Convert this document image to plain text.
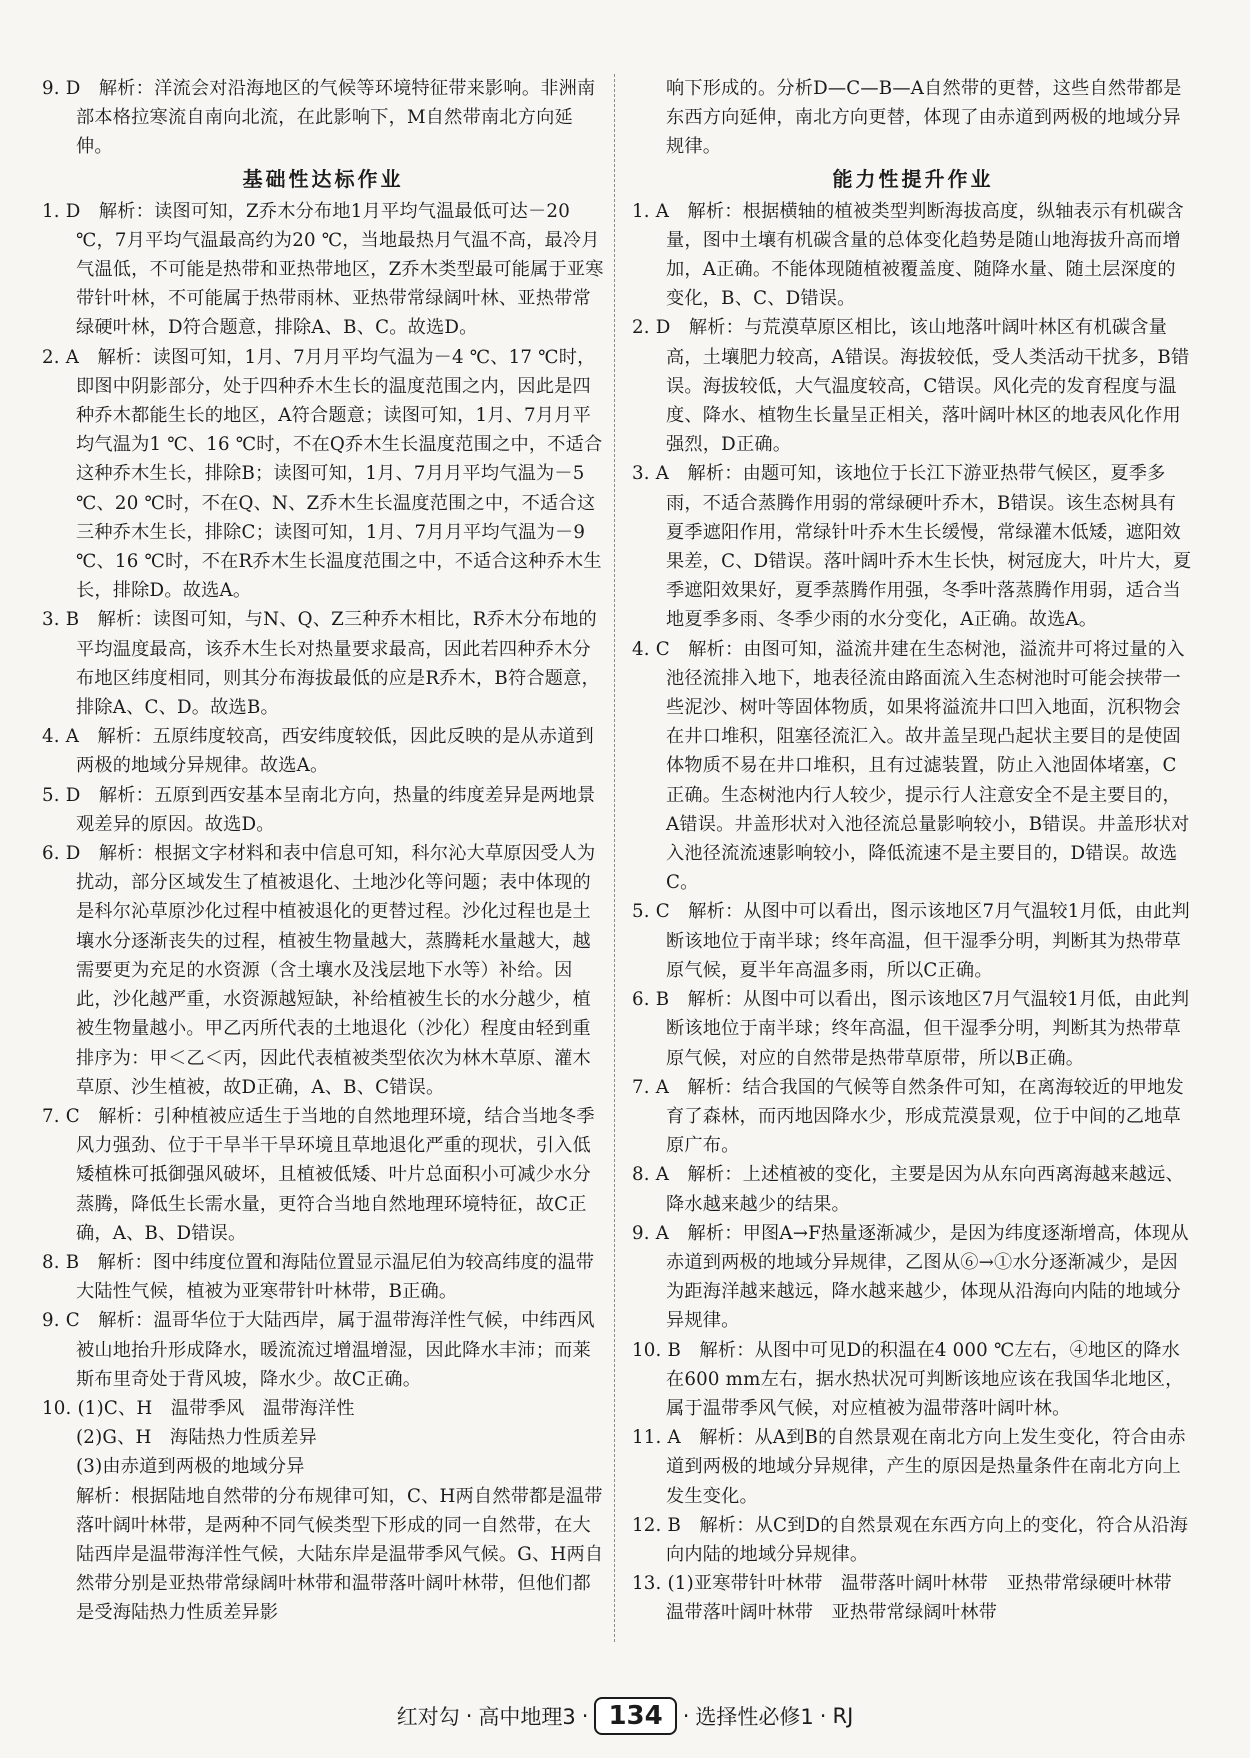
9. D　解析：洋流会对沿海地区的气候等环境特征带来影响。非洲南部本格拉寒流自南向北流，在此影响下，M自然带南北方向延伸。

基础性达标作业

1. D　解析：读图可知，Z乔木分布地1月平均气温最低可达－20 ℃，7月平均气温最高约为20 ℃，当地最热月气温不高，最冷月气温低，不可能是热带和亚热带地区，Z乔木类型最可能属于亚寒带针叶林，不可能属于热带雨林、亚热带常绿阔叶林、亚热带常绿硬叶林，D符合题意，排除A、B、C。故选D。

2. A　解析：读图可知，1月、7月月平均气温为－4 ℃、17 ℃时，即图中阴影部分，处于四种乔木生长的温度范围之内，因此是四种乔木都能生长的地区，A符合题意；读图可知，1月、7月月平均气温为1 ℃、16 ℃时，不在Q乔木生长温度范围之中，不适合这种乔木生长，排除B；读图可知，1月、7月月平均气温为－5 ℃、20 ℃时，不在Q、N、Z乔木生长温度范围之中，不适合这三种乔木生长，排除C；读图可知，1月、7月月平均气温为－9 ℃、16 ℃时，不在R乔木生长温度范围之中，不适合这种乔木生长，排除D。故选A。

3. B　解析：读图可知，与N、Q、Z三种乔木相比，R乔木分布地的平均温度最高，该乔木生长对热量要求最高，因此若四种乔木分布地区纬度相同，则其分布海拔最低的应是R乔木，B符合题意，排除A、C、D。故选B。

4. A　解析：五原纬度较高，西安纬度较低，因此反映的是从赤道到两极的地域分异规律。故选A。

5. D　解析：五原到西安基本呈南北方向，热量的纬度差异是两地景观差异的原因。故选D。

6. D　解析：根据文字材料和表中信息可知，科尔沁大草原因受人为扰动，部分区域发生了植被退化、土地沙化等问题；表中体现的是科尔沁草原沙化过程中植被退化的更替过程。沙化过程也是土壤水分逐渐丧失的过程，植被生物量越大，蒸腾耗水量越大，越需要更为充足的水资源（含土壤水及浅层地下水等）补给。因此，沙化越严重，水资源越短缺，补给植被生长的水分越少，植被生物量越小。甲乙丙所代表的土地退化（沙化）程度由轻到重排序为：甲＜乙＜丙，因此代表植被类型依次为林木草原、灌木草原、沙生植被，故D正确，A、B、C错误。

7. C　解析：引种植被应适生于当地的自然地理环境，结合当地冬季风力强劲、位于干旱半干旱环境且草地退化严重的现状，引入低矮植株可抵御强风破坏，且植被低矮、叶片总面积小可减少水分蒸腾，降低生长需水量，更符合当地自然地理环境特征，故C正确，A、B、D错误。

8. B　解析：图中纬度位置和海陆位置显示温尼伯为较高纬度的温带大陆性气候，植被为亚寒带针叶林带，B正确。

9. C　解析：温哥华位于大陆西岸，属于温带海洋性气候，中纬西风被山地抬升形成降水，暖流流过增温增湿，因此降水丰沛；而莱斯布里奇处于背风坡，降水少。故C正确。

10. (1)C、H　温带季风　温带海洋性

(2)G、H　海陆热力性质差异

(3)由赤道到两极的地域分异

解析：根据陆地自然带的分布规律可知，C、H两自然带都是温带落叶阔叶林带，是两种不同气候类型下形成的同一自然带，在大陆西岸是温带海洋性气候，大陆东岸是温带季风气候。G、H两自然带分别是亚热带常绿阔叶林带和温带落叶阔叶林带，但他们都是受海陆热力性质差异影

响下形成的。分析D—C—B—A自然带的更替，这些自然带都是东西方向延伸，南北方向更替，体现了由赤道到两极的地域分异规律。

能力性提升作业

1. A　解析：根据横轴的植被类型判断海拔高度，纵轴表示有机碳含量，图中土壤有机碳含量的总体变化趋势是随山地海拔升高而增加，A正确。不能体现随植被覆盖度、随降水量、随土层深度的变化，B、C、D错误。

2. D　解析：与荒漠草原区相比，该山地落叶阔叶林区有机碳含量高，土壤肥力较高，A错误。海拔较低，受人类活动干扰多，B错误。海拔较低，大气温度较高，C错误。风化壳的发育程度与温度、降水、植物生长量呈正相关，落叶阔叶林区的地表风化作用强烈，D正确。

3. A　解析：由题可知，该地位于长江下游亚热带气候区，夏季多雨，不适合蒸腾作用弱的常绿硬叶乔木，B错误。该生态树具有夏季遮阳作用，常绿针叶乔木生长缓慢，常绿灌木低矮，遮阳效果差，C、D错误。落叶阔叶乔木生长快，树冠庞大，叶片大，夏季遮阳效果好，夏季蒸腾作用强，冬季叶落蒸腾作用弱，适合当地夏季多雨、冬季少雨的水分变化，A正确。故选A。

4. C　解析：由图可知，溢流井建在生态树池，溢流井可将过量的入池径流排入地下，地表径流由路面流入生态树池时可能会挟带一些泥沙、树叶等固体物质，如果将溢流井口凹入地面，沉积物会在井口堆积，阻塞径流汇入。故井盖呈现凸起状主要目的是使固体物质不易在井口堆积，且有过滤装置，防止入池固体堵塞，C正确。生态树池内行人较少，提示行人注意安全不是主要目的，A错误。井盖形状对入池径流总量影响较小，B错误。井盖形状对入池径流流速影响较小，降低流速不是主要目的，D错误。故选C。

5. C　解析：从图中可以看出，图示该地区7月气温较1月低，由此判断该地位于南半球；终年高温，但干湿季分明，判断其为热带草原气候，夏半年高温多雨，所以C正确。

6. B　解析：从图中可以看出，图示该地区7月气温较1月低，由此判断该地位于南半球；终年高温，但干湿季分明，判断其为热带草原气候，对应的自然带是热带草原带，所以B正确。

7. A　解析：结合我国的气候等自然条件可知，在离海较近的甲地发育了森林，而丙地因降水少，形成荒漠景观，位于中间的乙地草原广布。

8. A　解析：上述植被的变化，主要是因为从东向西离海越来越远、降水越来越少的结果。

9. A　解析：甲图A→F热量逐渐减少，是因为纬度逐渐增高，体现从赤道到两极的地域分异规律，乙图从⑥→①水分逐渐减少，是因为距海洋越来越远，降水越来越少，体现从沿海向内陆的地域分异规律。

10. B　解析：从图中可见D的积温在4 000 ℃左右，④地区的降水在600 mm左右，据水热状况可判断该地应该在我国华北地区，属于温带季风气候，对应植被为温带落叶阔叶林。

11. A　解析：从A到B的自然景观在南北方向上发生变化，符合由赤道到两极的地域分异规律，产生的原因是热量条件在南北方向上发生变化。

12. B　解析：从C到D的自然景观在东西方向上的变化，符合从沿海向内陆的地域分异规律。

13. (1)亚寒带针叶林带　温带落叶阔叶林带　亚热带常绿硬叶林带　温带落叶阔叶林带　亚热带常绿阔叶林带

红对勾 · 高中地理3 · 134 · 选择性必修1 · RJ
